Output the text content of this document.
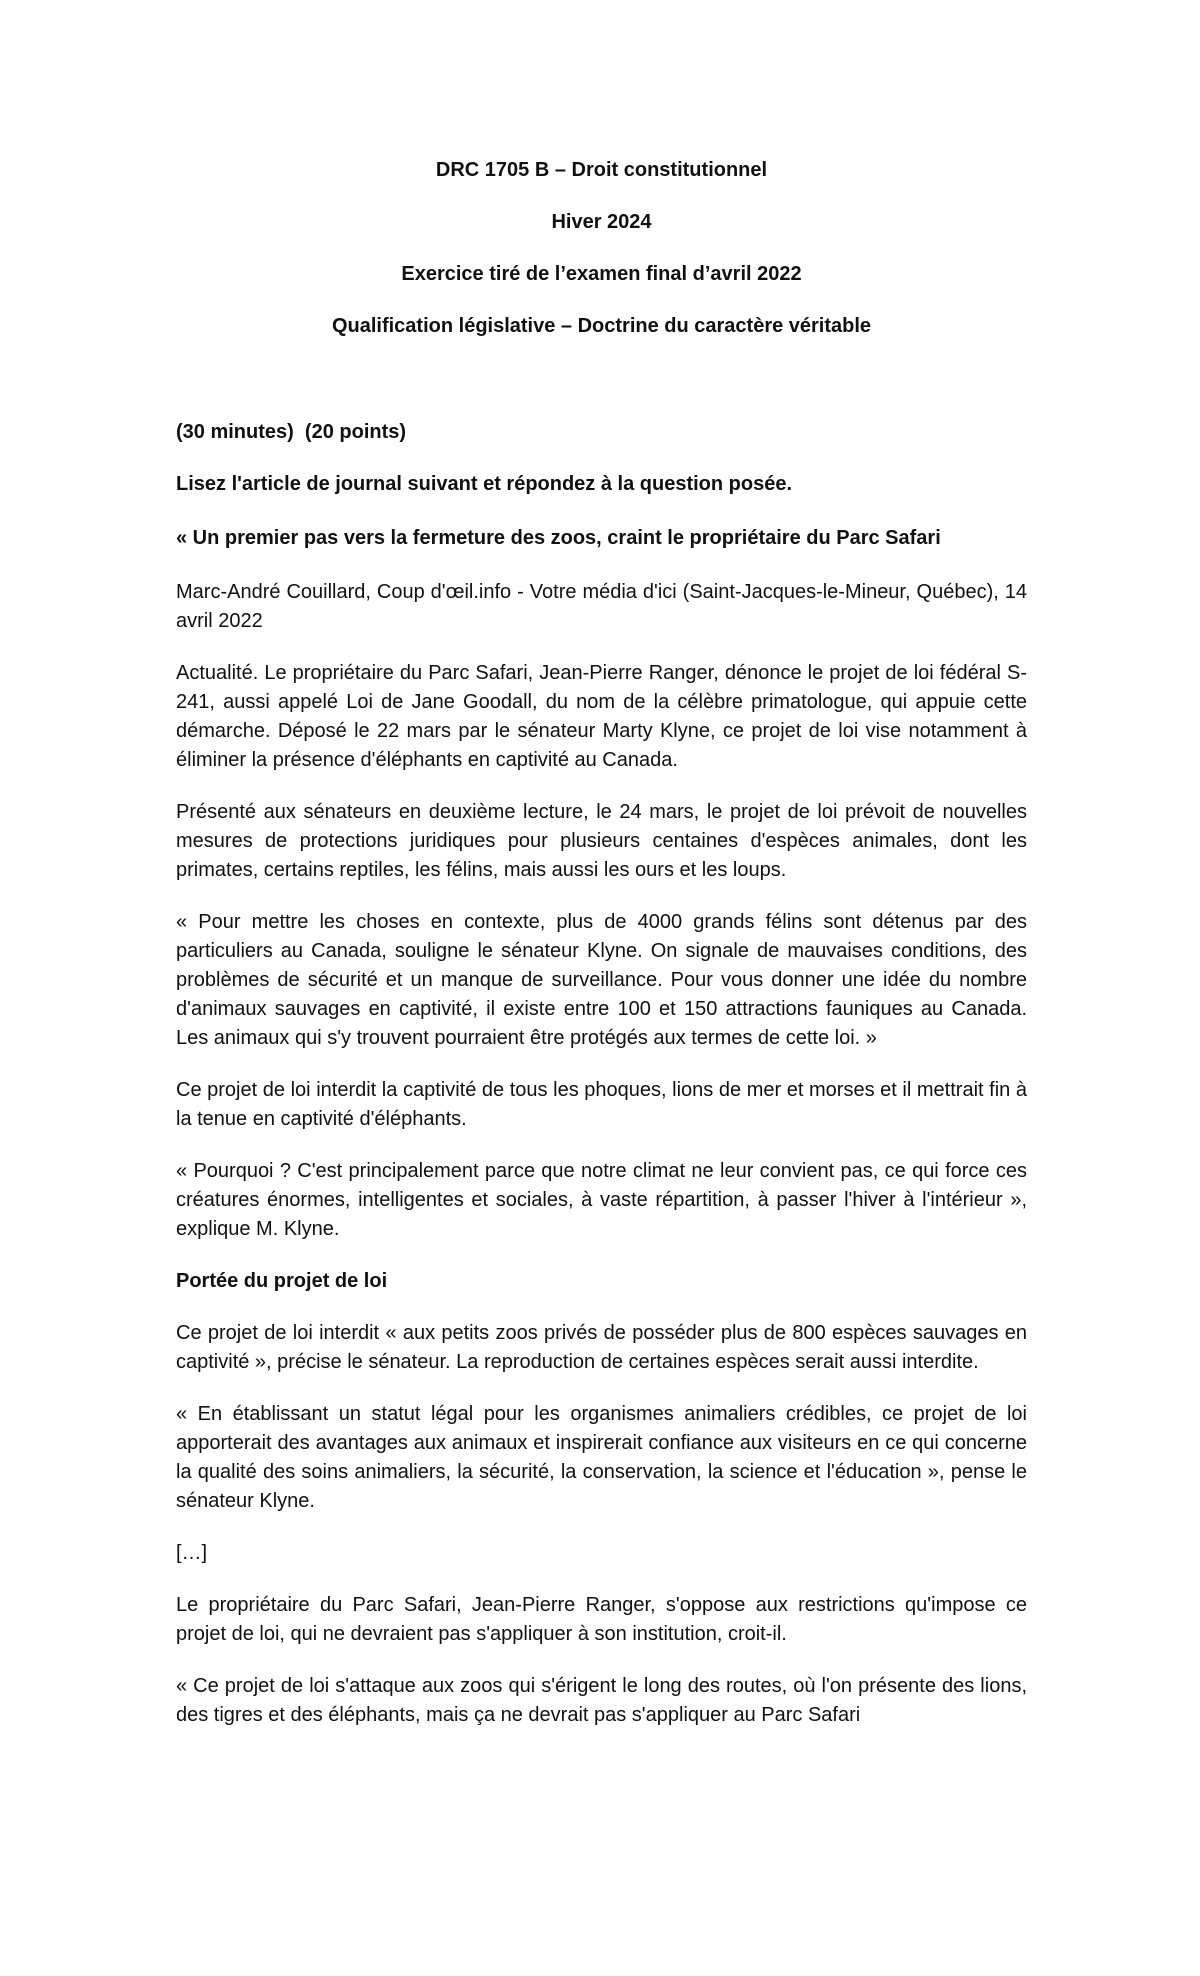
DRC 1705 B – Droit constitutionnel
Hiver 2024
Exercice tiré de l’examen final d’avril 2022
Qualification législative – Doctrine du caractère véritable

(30 minutes)  (20 points)

Lisez l'article de journal suivant et répondez à la question posée.

« Un premier pas vers la fermeture des zoos, craint le propriétaire du Parc Safari

Marc-André Couillard, Coup d'œil.info - Votre média d'ici (Saint-Jacques-le-Mineur, Québec), 14 avril 2022

Actualité. Le propriétaire du Parc Safari, Jean-Pierre Ranger, dénonce le projet de loi fédéral S-241, aussi appelé Loi de Jane Goodall, du nom de la célèbre primatologue, qui appuie cette démarche. Déposé le 22 mars par le sénateur Marty Klyne, ce projet de loi vise notamment à éliminer la présence d'éléphants en captivité au Canada.

Présenté aux sénateurs en deuxième lecture, le 24 mars, le projet de loi prévoit de nouvelles mesures de protections juridiques pour plusieurs centaines d'espèces animales, dont les primates, certains reptiles, les félins, mais aussi les ours et les loups.

« Pour mettre les choses en contexte, plus de 4000 grands félins sont détenus par des particuliers au Canada, souligne le sénateur Klyne. On signale de mauvaises conditions, des problèmes de sécurité et un manque de surveillance. Pour vous donner une idée du nombre d'animaux sauvages en captivité, il existe entre 100 et 150 attractions fauniques au Canada. Les animaux qui s'y trouvent pourraient être protégés aux termes de cette loi. »

Ce projet de loi interdit la captivité de tous les phoques, lions de mer et morses et il mettrait fin à la tenue en captivité d'éléphants.

« Pourquoi ? C'est principalement parce que notre climat ne leur convient pas, ce qui force ces créatures énormes, intelligentes et sociales, à vaste répartition, à passer l'hiver à l'intérieur », explique M. Klyne.

Portée du projet de loi

Ce projet de loi interdit « aux petits zoos privés de posséder plus de 800 espèces sauvages en captivité », précise le sénateur. La reproduction de certaines espèces serait aussi interdite.

« En établissant un statut légal pour les organismes animaliers crédibles, ce projet de loi apporterait des avantages aux animaux et inspirerait confiance aux visiteurs en ce qui concerne la qualité des soins animaliers, la sécurité, la conservation, la science et l'éducation », pense le sénateur Klyne.

[…]

Le propriétaire du Parc Safari, Jean-Pierre Ranger, s'oppose aux restrictions qu'impose ce projet de loi, qui ne devraient pas s'appliquer à son institution, croit-il.

« Ce projet de loi s'attaque aux zoos qui s'érigent le long des routes, où l'on présente des lions, des tigres et des éléphants, mais ça ne devrait pas s'appliquer au Parc Safari
